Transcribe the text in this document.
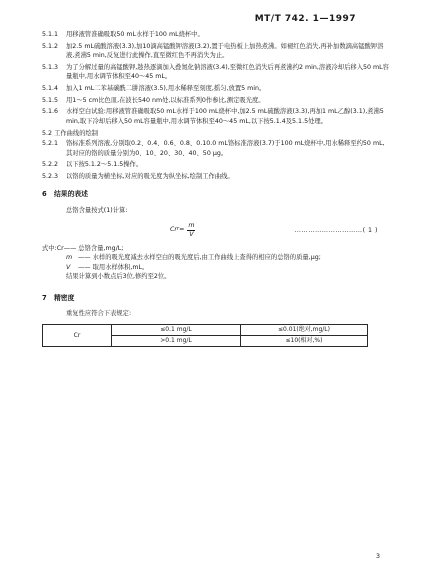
MT/T 742. 1—1997
5.1.1 用移液管准确吸取50 mL水样于100 mL烧杯中。
5.1.2 加2.5 mL硫酸溶液(3.3),加10滴高锰酸钾溶液(3.2),置于电热板上加热煮沸。如褪红色消失,再补加数滴高锰酸钾溶液,煮沸5 min,反复进行此操作,直至微红色不再消失为止。
5.1.3 为了分解过量的高锰酸钾,趁热逐滴加入叠氮化钠溶液(3.4),至微红色消失后再煮沸约2 min,溶液冷却后移入50 mL容量瓶中,用水调节体积至40～45 mL。
5.1.4 加入1 mL二苯基碳酰二肼溶液(3.5),用水稀释至刻度,摇匀,放置5 min。
5.1.5 用1～5 cm比色皿,在波长540 nm处,以标准系列0作参比,测定吸光度。
5.1.6 水样空白试验:用移液管准确吸取50 mL水样于100 mL烧杯中,加2.5 mL硫酸溶液(3.3),再加1 mL乙醇(3.1),煮沸5 min,取下冷却后移入50 mL容量瓶中,用水调节体积至40～45 mL,以下按5.1.4及5.1.5处理。
5.2 工作曲线的绘制
5.2.1 铬标准系列溶液,分别取0.2、0.4、0.6、0.8、0.10.0 mL铬标准溶液(3.7)于100 mL烧杯中,用水稀释至约50 mL,其对应的铬的质量分别为0、10、20、30、40、50 μg。
5.2.2 以下按5.1.2～5.1.5操作。
5.2.3 以铬的质量为横坐标,对应的吸光度为纵坐标,绘制工作曲线。
6 结果的表述
总铬含量按式(1)计算:
Cr $r = \frac{m}{V}$	…………………………( 1 )
式中:Cr—— 总铬含量,mg/L;
m —— 水样的吸光度减去水样空白的吸光度后,由工作曲线上查得的相应的总铬的质量,μg;
V —— 取用水样体积,mL。
结果计算到小数点后3位,修约至2位。
7 精密度
重复性应符合下表规定:
Cr	≤0.1 mg/L	≤0.01(绝对,mg/L)
	>0.1 mg/L	≤10(相对,%)
3
